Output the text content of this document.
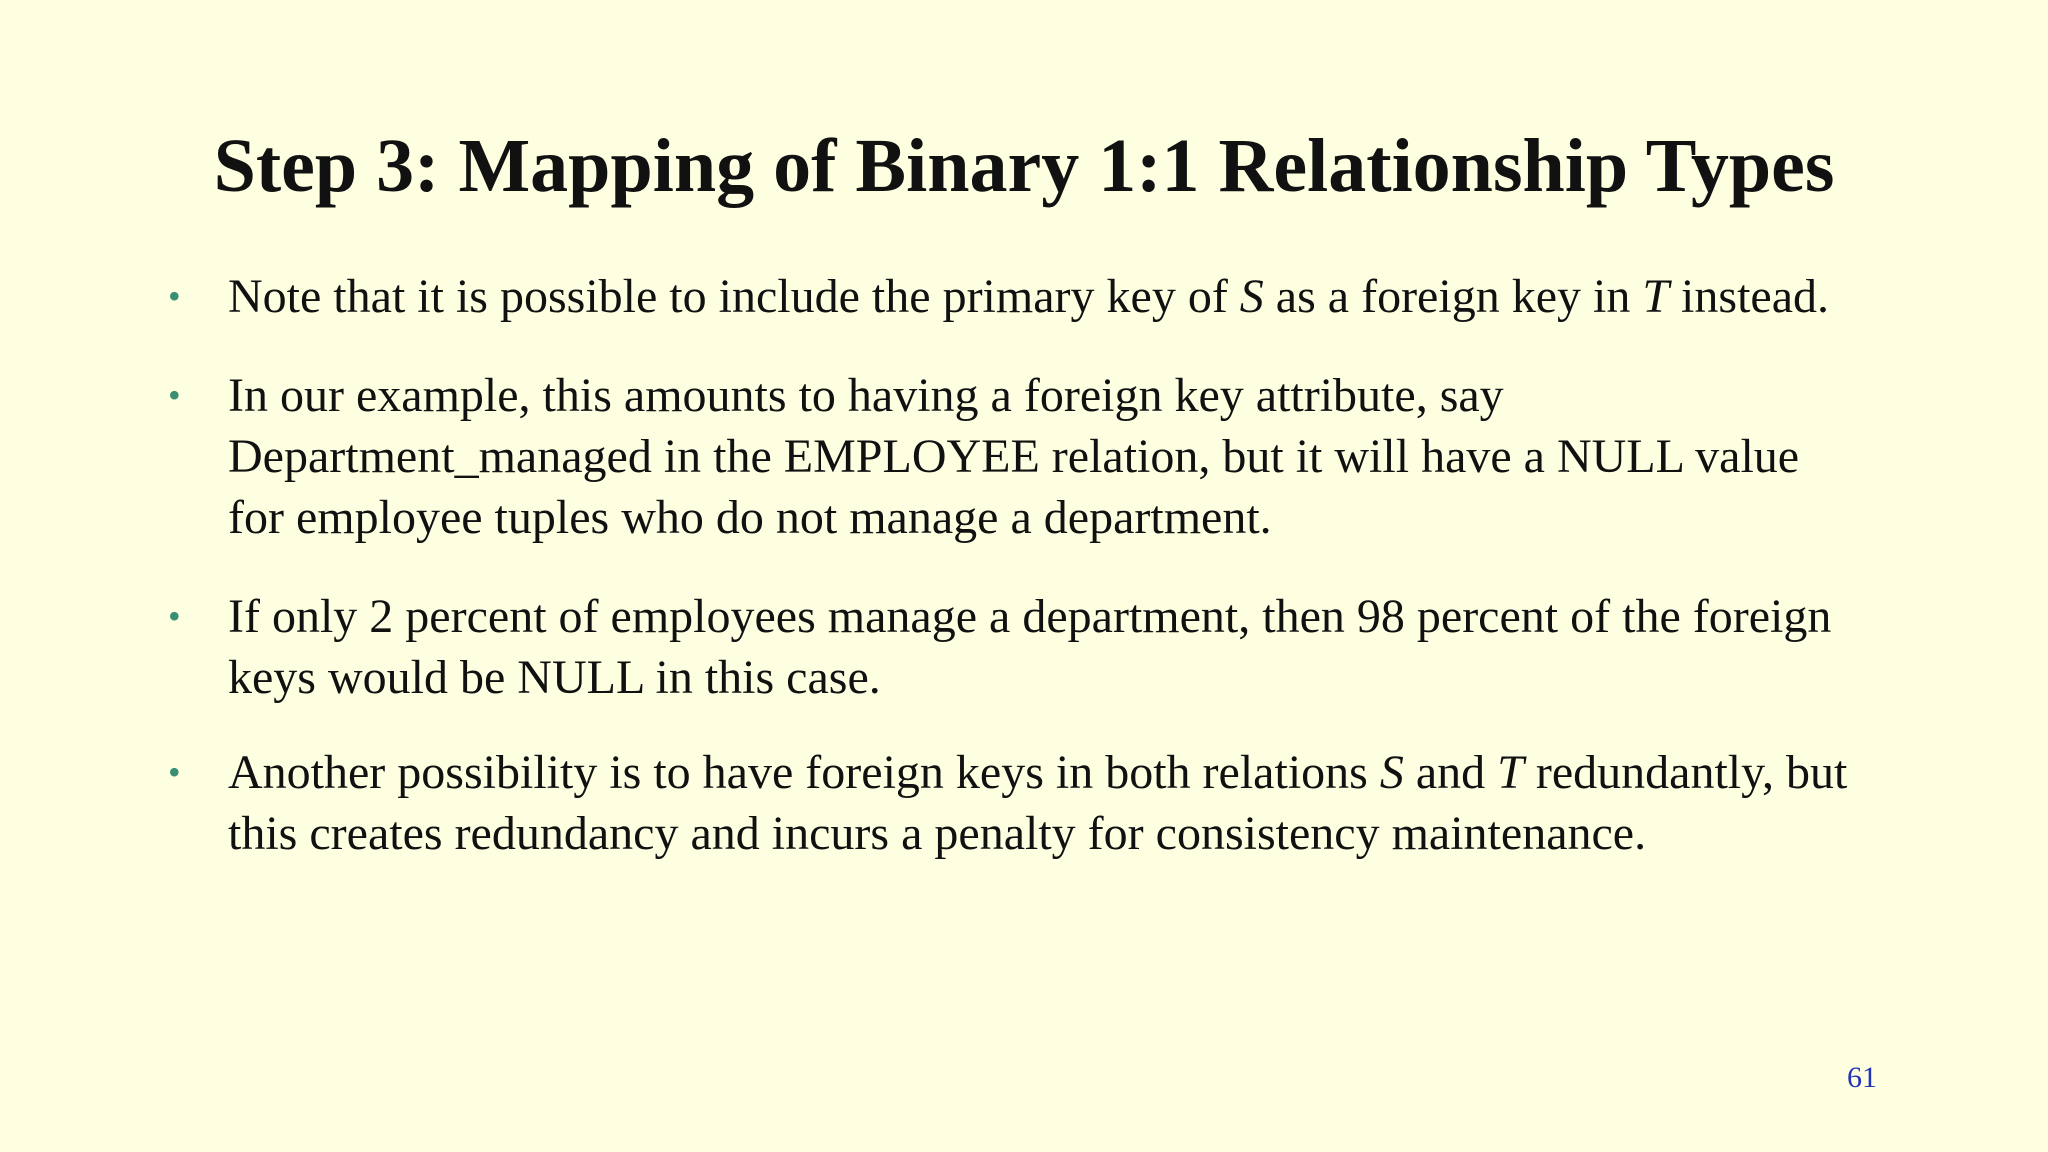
Step 3: Mapping of Binary 1:1 Relationship Types
• Note that it is possible to include the primary key of S as a foreign key in T instead.
• In our example, this amounts to having a foreign key attribute, say Department_managed in the EMPLOYEE relation, but it will have a NULL value for employee tuples who do not manage a department.
• If only 2 percent of employees manage a department, then 98 percent of the foreign keys would be NULL in this case.
• Another possibility is to have foreign keys in both relations S and T redundantly, but this creates redundancy and incurs a penalty for consistency maintenance.
61
